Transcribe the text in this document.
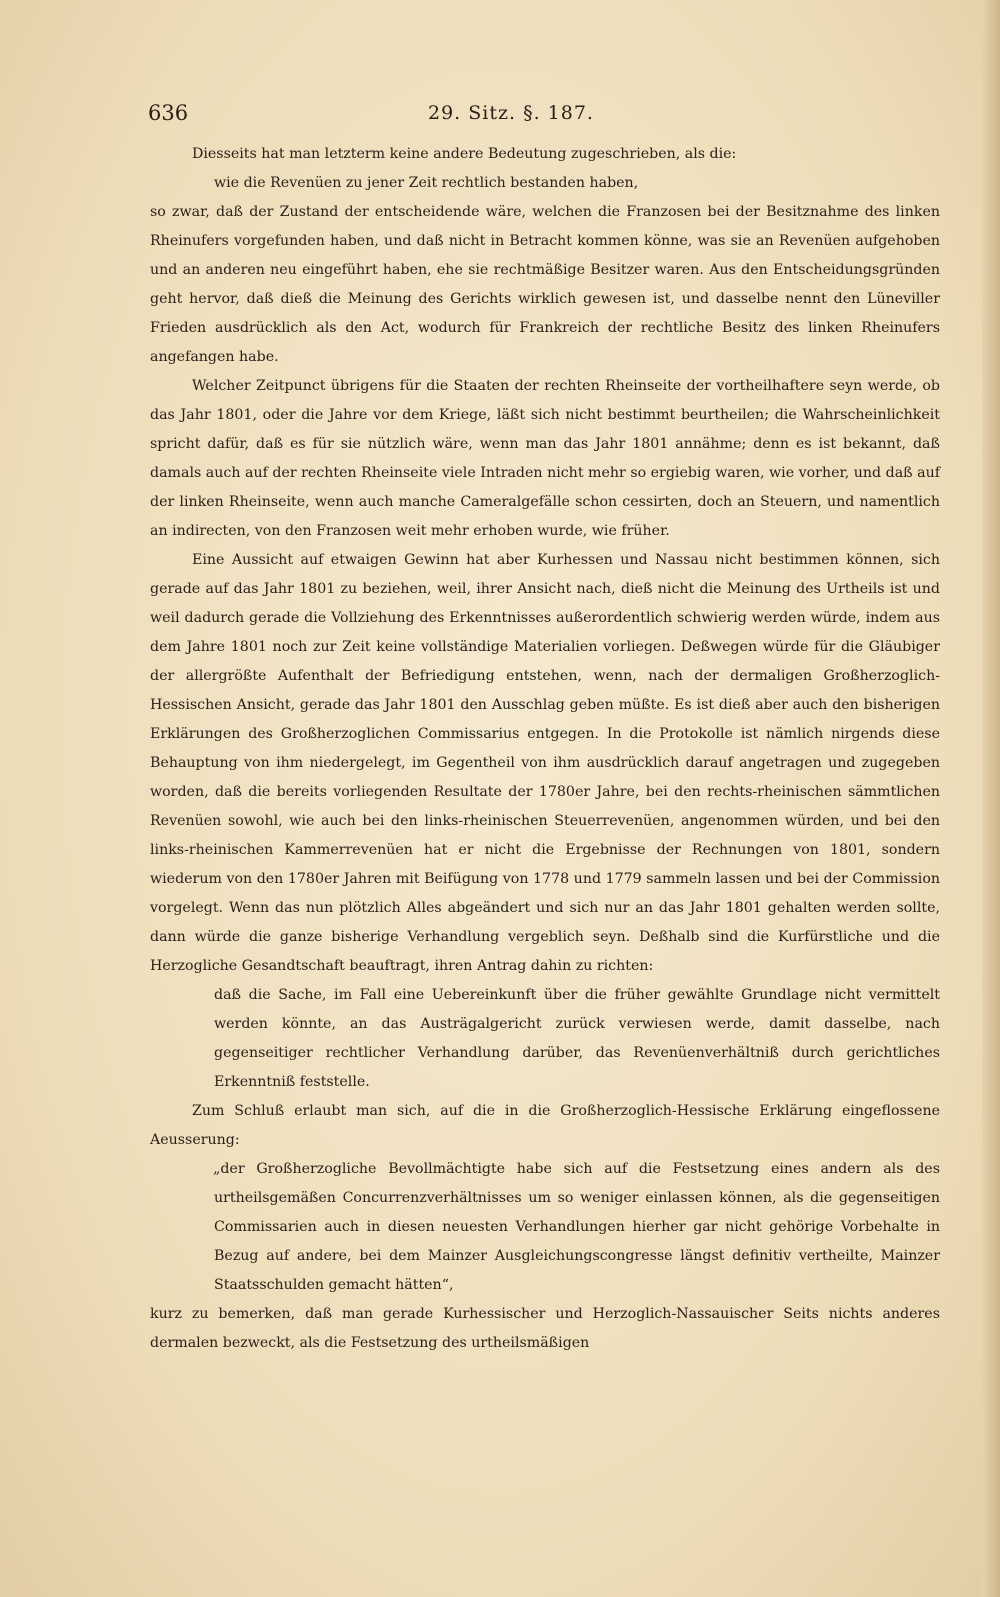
636	29. Sitz. §. 187.

Diesseits hat man letzterm keine andere Bedeutung zugeschrieben, als die:

wie die Revenüen zu jener Zeit rechtlich bestanden haben,

so zwar, daß der Zustand der entscheidende wäre, welchen die Franzosen bei der Besitznahme des linken Rheinufers vorgefunden haben, und daß nicht in Betracht kommen könne, was sie an Revenüen aufgehoben und an anderen neu eingeführt haben, ehe sie rechtmäßige Besitzer waren. Aus den Entscheidungsgründen geht hervor, daß dieß die Meinung des Gerichts wirklich gewesen ist, und dasselbe nennt den Lüneviller Frieden ausdrücklich als den Act, wodurch für Frankreich der rechtliche Besitz des linken Rheinufers angefangen habe.

Welcher Zeitpunct übrigens für die Staaten der rechten Rheinseite der vortheilhaftere seyn werde, ob das Jahr 1801, oder die Jahre vor dem Kriege, läßt sich nicht bestimmt beurtheilen; die Wahrscheinlichkeit spricht dafür, daß es für sie nützlich wäre, wenn man das Jahr 1801 annähme; denn es ist bekannt, daß damals auch auf der rechten Rheinseite viele Intraden nicht mehr so ergiebig waren, wie vorher, und daß auf der linken Rheinseite, wenn auch manche Cameralgefälle schon cessirten, doch an Steuern, und namentlich an indirecten, von den Franzosen weit mehr erhoben wurde, wie früher.

Eine Aussicht auf etwaigen Gewinn hat aber Kurhessen und Nassau nicht bestimmen können, sich gerade auf das Jahr 1801 zu beziehen, weil, ihrer Ansicht nach, dieß nicht die Meinung des Urtheils ist und weil dadurch gerade die Vollziehung des Erkenntnisses außerordentlich schwierig werden würde, indem aus dem Jahre 1801 noch zur Zeit keine vollständige Materialien vorliegen. Deßwegen würde für die Gläubiger der allergrößte Aufenthalt der Befriedigung entstehen, wenn, nach der dermaligen Großherzoglich-Hessischen Ansicht, gerade das Jahr 1801 den Ausschlag geben müßte. Es ist dieß aber auch den bisherigen Erklärungen des Großherzoglichen Commissarius entgegen. In die Protokolle ist nämlich nirgends diese Behauptung von ihm niedergelegt, im Gegentheil von ihm ausdrücklich darauf angetragen und zugegeben worden, daß die bereits vorliegenden Resultate der 1780er Jahre, bei den rechts-rheinischen sämmtlichen Revenüen sowohl, wie auch bei den links-rheinischen Steuerrevenüen, angenommen würden, und bei den links-rheinischen Kammerrevenüen hat er nicht die Ergebnisse der Rechnungen von 1801, sondern wiederum von den 1780er Jahren mit Beifügung von 1778 und 1779 sammeln lassen und bei der Commission vorgelegt. Wenn das nun plötzlich Alles abgeändert und sich nur an das Jahr 1801 gehalten werden sollte, dann würde die ganze bisherige Verhandlung vergeblich seyn. Deßhalb sind die Kurfürstliche und die Herzogliche Gesandtschaft beauftragt, ihren Antrag dahin zu richten:

daß die Sache, im Fall eine Uebereinkunft über die früher gewählte Grundlage nicht vermittelt werden könnte, an das Austrägalgericht zurück verwiesen werde, damit dasselbe, nach gegenseitiger rechtlicher Verhandlung darüber, das Revenüenverhältniß durch gerichtliches Erkenntniß feststelle.

Zum Schluß erlaubt man sich, auf die in die Großherzoglich-Hessische Erklärung eingeflossene Aeusserung:

„der Großherzogliche Bevollmächtigte habe sich auf die Festsetzung eines andern als des urtheilsgemäßen Concurrenzverhältnisses um so weniger einlassen können, als die gegenseitigen Commissarien auch in diesen neuesten Verhandlungen hierher gar nicht gehörige Vorbehalte in Bezug auf andere, bei dem Mainzer Ausgleichungscongresse längst definitiv vertheilte, Mainzer Staatsschulden gemacht hätten“,

kurz zu bemerken, daß man gerade Kurhessischer und Herzoglich-Nassauischer Seits nichts anderes dermalen bezweckt, als die Festsetzung des urtheilsmäßigen
